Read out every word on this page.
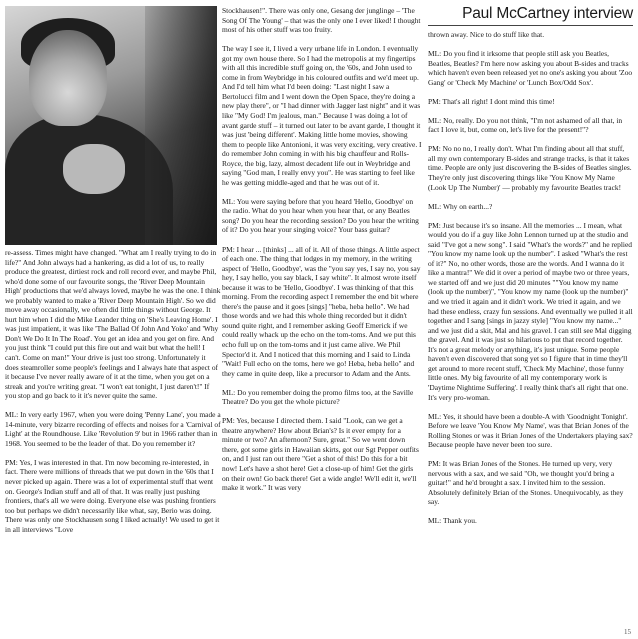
Paul McCartney interview

re-assess. Times might have changed. "What am I really trying to do in life?" And John always had a hankering, as did a lot of us, to really produce the greatest, dirtiest rock and roll record ever, and maybe Phil, who'd done some of our favourite songs, the 'River Deep Mountain High' productions that we'd always loved, maybe he was the one. I think we probably wanted to make a 'River Deep Mountain High'. So we did move away occasionally, we often did little things without George. It hurt him when I did the Mike Leander thing on 'She's Leaving Home'. I was just impatient, it was like 'The Ballad Of John And Yoko' and 'Why Don't We Do It In The Road'. You get an idea and you get on fire. And you just think "I could put this fire out and wait but what the hell! I can't. Come on man!" Your drive is just too strong. Unfortunately it does steamroller some people's feelings and I always hate that aspect of it because I've never really aware of it at the time, when you get on a streak and you're writing great. "I won't eat tonight, I just daren't!" If you stop and go back to it it's never quite the same.

ML: In very early 1967, when you were doing 'Penny Lane', you made a 14-minute, very bizarre recording of effects and noises for a 'Carnival of Light' at the Roundhouse. Like 'Revolution 9' but in 1966 rather than in 1968. You seemed to be the leader of that. Do you remember it?

PM: Yes, I was interested in that. I'm now becoming re-interested, in fact. There were millions of threads that we put down in the '60s that I never picked up again. There was a lot of experimental stuff that went on. George's Indian stuff and all of that. It was really just pushing frontiers, that's all we were doing. Everyone else was pushing frontiers too but perhaps we didn't necessarily like what, say, Berio was doing. There was only one Stockhausen song I liked actually! We used to get it in all interviews "Love

Stockhausen!". There was only one, Gesang der junglinge – 'The Song Of The Young' – that was the only one I ever liked! I thought most of his other stuff was too fruity.

The way I see it, I lived a very urbane life in London. I eventually got my own house there. So I had the metropolis at my fingertips with all this incredible stuff going on, the '60s, and John used to come in from Weybridge in his coloured outfits and we'd meet up. And I'd tell him what I'd been doing: "Last night I saw a Bertolucci film and I went down the Open Space, they're doing a new play there", or "I had dinner with Jagger last night" and it was like "My God! I'm jealous, man." Because I was doing a lot of avant garde stuff – it turned out later to be avant garde, I thought it was just 'being different'. Making little home movies, showing them to people like Antonioni, it was very exciting, very creative. I do remember John coming in with his big chauffeur and Rolls-Royce, the big, lazy, almost decadent life out in Weybridge and saying "God man, I really envy you". He was starting to feel like he was getting middle-aged and that he was out of it.

ML: You were saying before that you heard 'Hello, Goodbye' on the radio. What do you hear when you hear that, or any Beatles song? Do you hear the recording session? Do you hear the writing of it? Do you hear your singing voice? Your bass guitar?

PM: I hear ... [thinks] ... all of it. All of those things. A little aspect of each one. The thing that lodges in my memory, in the writing aspect of 'Hello, Goodbye', was the "you say yes, I say no, you say hey, I say hello, you say black, I say white". It almost wrote itself because it was to be 'Hello, Goodbye'. I was thinking of that this morning. From the recording aspect I remember the end bit where there's the pause and it goes [sings] "heba, heba hello". We had those words and we had this whole thing recorded but it didn't sound quite right, and I remember asking Geoff Emerick if we could really whack up the echo on the tom-toms. And we put this echo full up on the tom-toms and it just came alive. We Phil Spector'd it. And I noticed that this morning and I said to Linda "Wait! Full echo on the toms, here we go! Heba, heba hello" and they came in quite deep, like a precursor to Adam and the Ants.

ML: Do you remember doing the promo films too, at the Saville Theatre? Do you get the whole picture?

PM: Yes, because I directed them. I said "Look, can we get a theatre anywhere? How about Brian's? Is it ever empty for a minute or two? An afternoon? Sure, great." So we went down there, got some girls in Hawaiian skirts, got our Sgt Pepper outfits on, and I just ran out there "Get a shot of this! Do this for a bit now! Let's have a shot here! Get a close-up of him! Get the girls on their own! Go back there! Get a wide angle! We'll edit it, we'll make it work." It was very

thrown away. Nice to do stuff like that.

ML: Do you find it irksome that people still ask you Beatles, Beatles, Beatles? I'm here now asking you about B-sides and tracks which haven't even been released yet no one's asking you about 'Zoo Gang' or 'Check My Machine' or 'Lunch Box/Odd Sox'.

PM: That's all right! I dont mind this time!

ML: No, really. Do you not think, "I'm not ashamed of all that, in fact I love it, but, come on, let's live for the present!"?

PM: No no no, I really don't. What I'm finding about all that stuff, all my own contemporary B-sides and strange tracks, is that it takes time. People are only just discovering the B-sides of Beatles singles. They're only just discovering things like 'You Know My Name (Look Up The Number)' — probably my favourite Beatles track!

ML: Why on earth...?

PM: Just because it's so insane. All the memories ... I mean, what would you do if a guy like John Lennon turned up at the studio and said "I've got a new song". I said "What's the words?" and he replied "You know my name look up the number". I asked "What's the rest of it?" No, no other words, those are the words. And I wanna do it like a mantra!" We did it over a period of maybe two or three years, we started off and we just did 20 minutes ""You know my name (look up the number)", "You know my name (look up the number)" and we tried it again and it didn't work. We tried it again, and we had these endless, crazy fun sessions. And eventually we pulled it all together and I sang [sings in jazzy style] "You know my name..." and we just did a skit, Mal and his gravel. I can still see Mal digging the gravel. And it was just so hilarious to put that record together. It's not a great melody or anything, it's just unique. Some people haven't even discovered that song yet so I figure that in time they'll get around to more recent stuff, 'Check My Machine', those funny little ones. My big favourite of all my contemporary work is 'Daytime Nightime Suffering'. I really think that's all right that one. It's very pro-woman.

ML: Yes, it should have been a double-A with 'Goodnight Tonight'. Before we leave 'You Know My Name', was that Brian Jones of the Rolling Stones or was it Brian Jones of the Undertakers playing sax? Because people have never been too sure.

PM: It was Brian Jones of the Stones. He turned up very, very nervous with a sax, and we said "Oh, we thought you'd bring a guitar!" and he'd brought a sax. I invited him to the session. Absolutely definitely Brian of the Stones. Unequivocably, as they say.

ML: Thank you.

15
